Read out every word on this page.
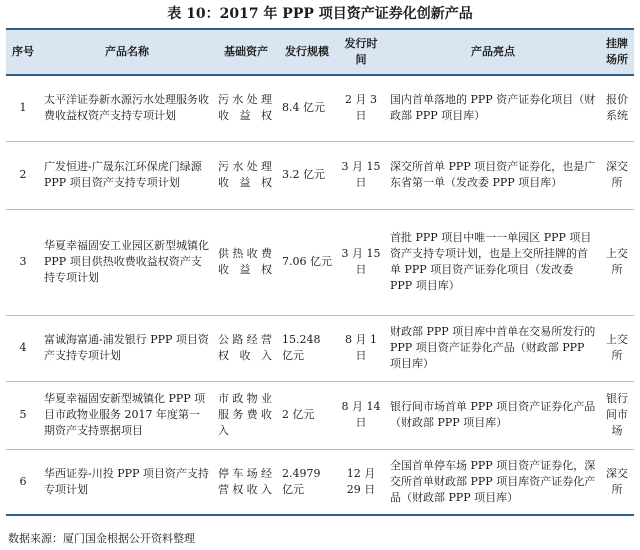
表 10：2017 年 PPP 项目资产证券化创新产品
序号	产品名称	基础资产	发行规模	发行时间	产品亮点	挂牌场所
1	太平洋证券新水源污水处理服务收费收益权资产支持专项计划	污水处理收益权	8.4 亿元	2 月 3 日	国内首单落地的 PPP 资产证券化项目（财政部 PPP 项目库）	报价系统
2	广发恒进-广晟东江环保虎门绿源 PPP 项目资产支持专项计划	污水处理收益权	3.2 亿元	3 月 15 日	深交所首单 PPP 项目资产证券化，也是广东省第一单（发改委 PPP 项目库）	深交所
3	华夏幸福固安工业园区新型城镇化 PPP 项目供热收费收益权资产支持专项计划	供热收费收益权	7.06 亿元	3 月 15 日	首批 PPP 项目中唯一一单园区 PPP 项目资产支持专项计划，也是上交所挂牌的首单 PPP 项目资产证券化项目（发改委 PPP 项目库）	上交所
4	富诚海富通-浦发银行 PPP 项目资产支持专项计划	公路经营权收入	15.248 亿元	8 月 1 日	财政部 PPP 项目库中首单在交易所发行的 PPP 项目资产证券化产品（财政部 PPP 项目库）	上交所
5	华夏幸福固安新型城镇化 PPP 项目市政物业服务 2017 年度第一期资产支持票据项目	市政物业服务费收入	2 亿元	8 月 14 日	银行间市场首单 PPP 项目资产证券化产品（财政部 PPP 项目库）	银行间市场
6	华西证券-川投 PPP 项目资产支持专项计划	停车场经营权收入	2.4979 亿元	12 月 29 日	全国首单停车场 PPP 项目资产证券化，深交所首单财政部 PPP 项目库资产证券化产品（财政部 PPP 项目库）	深交所
数据来源：厦门国金根据公开资料整理
